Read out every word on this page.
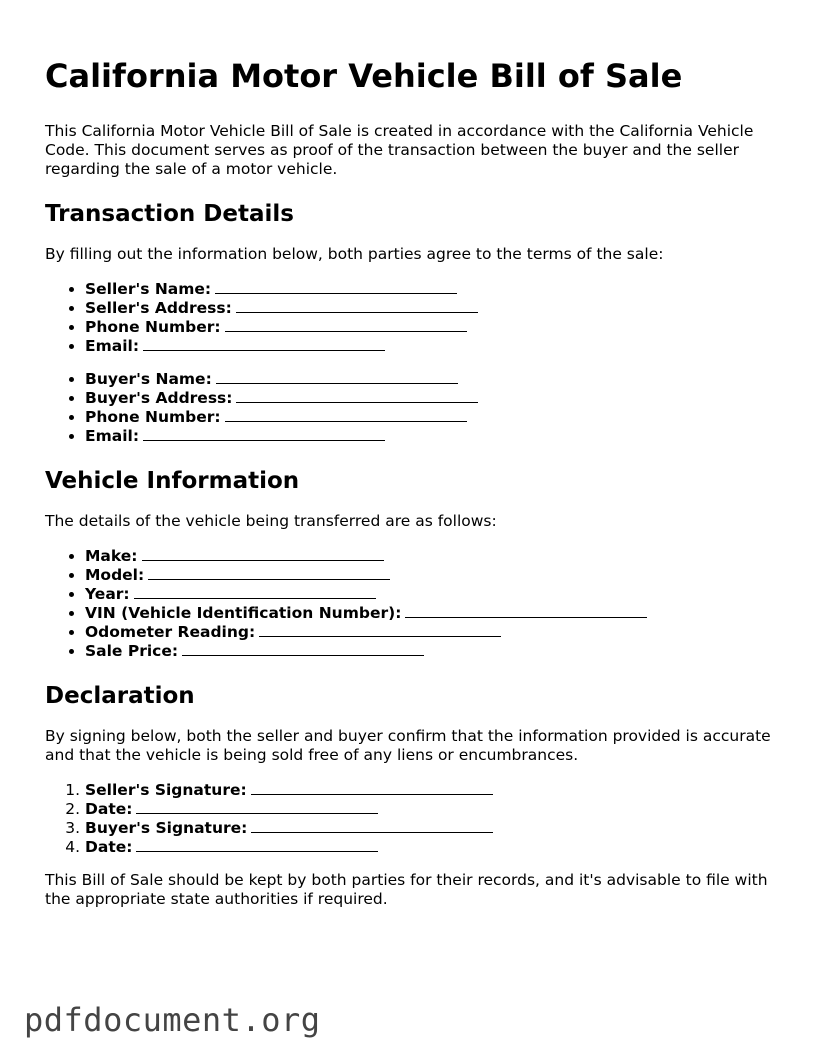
California Motor Vehicle Bill of Sale

This California Motor Vehicle Bill of Sale is created in accordance with the California Vehicle Code. This document serves as proof of the transaction between the buyer and the seller regarding the sale of a motor vehicle.

Transaction Details

By filling out the information below, both parties agree to the terms of the sale:

• Seller's Name:
• Seller's Address:
• Phone Number:
• Email:
• Buyer's Name:
• Buyer's Address:
• Phone Number:
• Email:
Vehicle Information

The details of the vehicle being transferred are as follows:

• Make:
• Model:
• Year:
• VIN (Vehicle Identification Number):
• Odometer Reading:
• Sale Price:
Declaration

By signing below, both the seller and buyer confirm that the information provided is accurate and that the vehicle is being sold free of any liens or encumbrances.

1. Seller's Signature:
2. Date:
3. Buyer's Signature:
4. Date:

This Bill of Sale should be kept by both parties for their records, and it's advisable to file with the appropriate state authorities if required.

pdfdocument.org
